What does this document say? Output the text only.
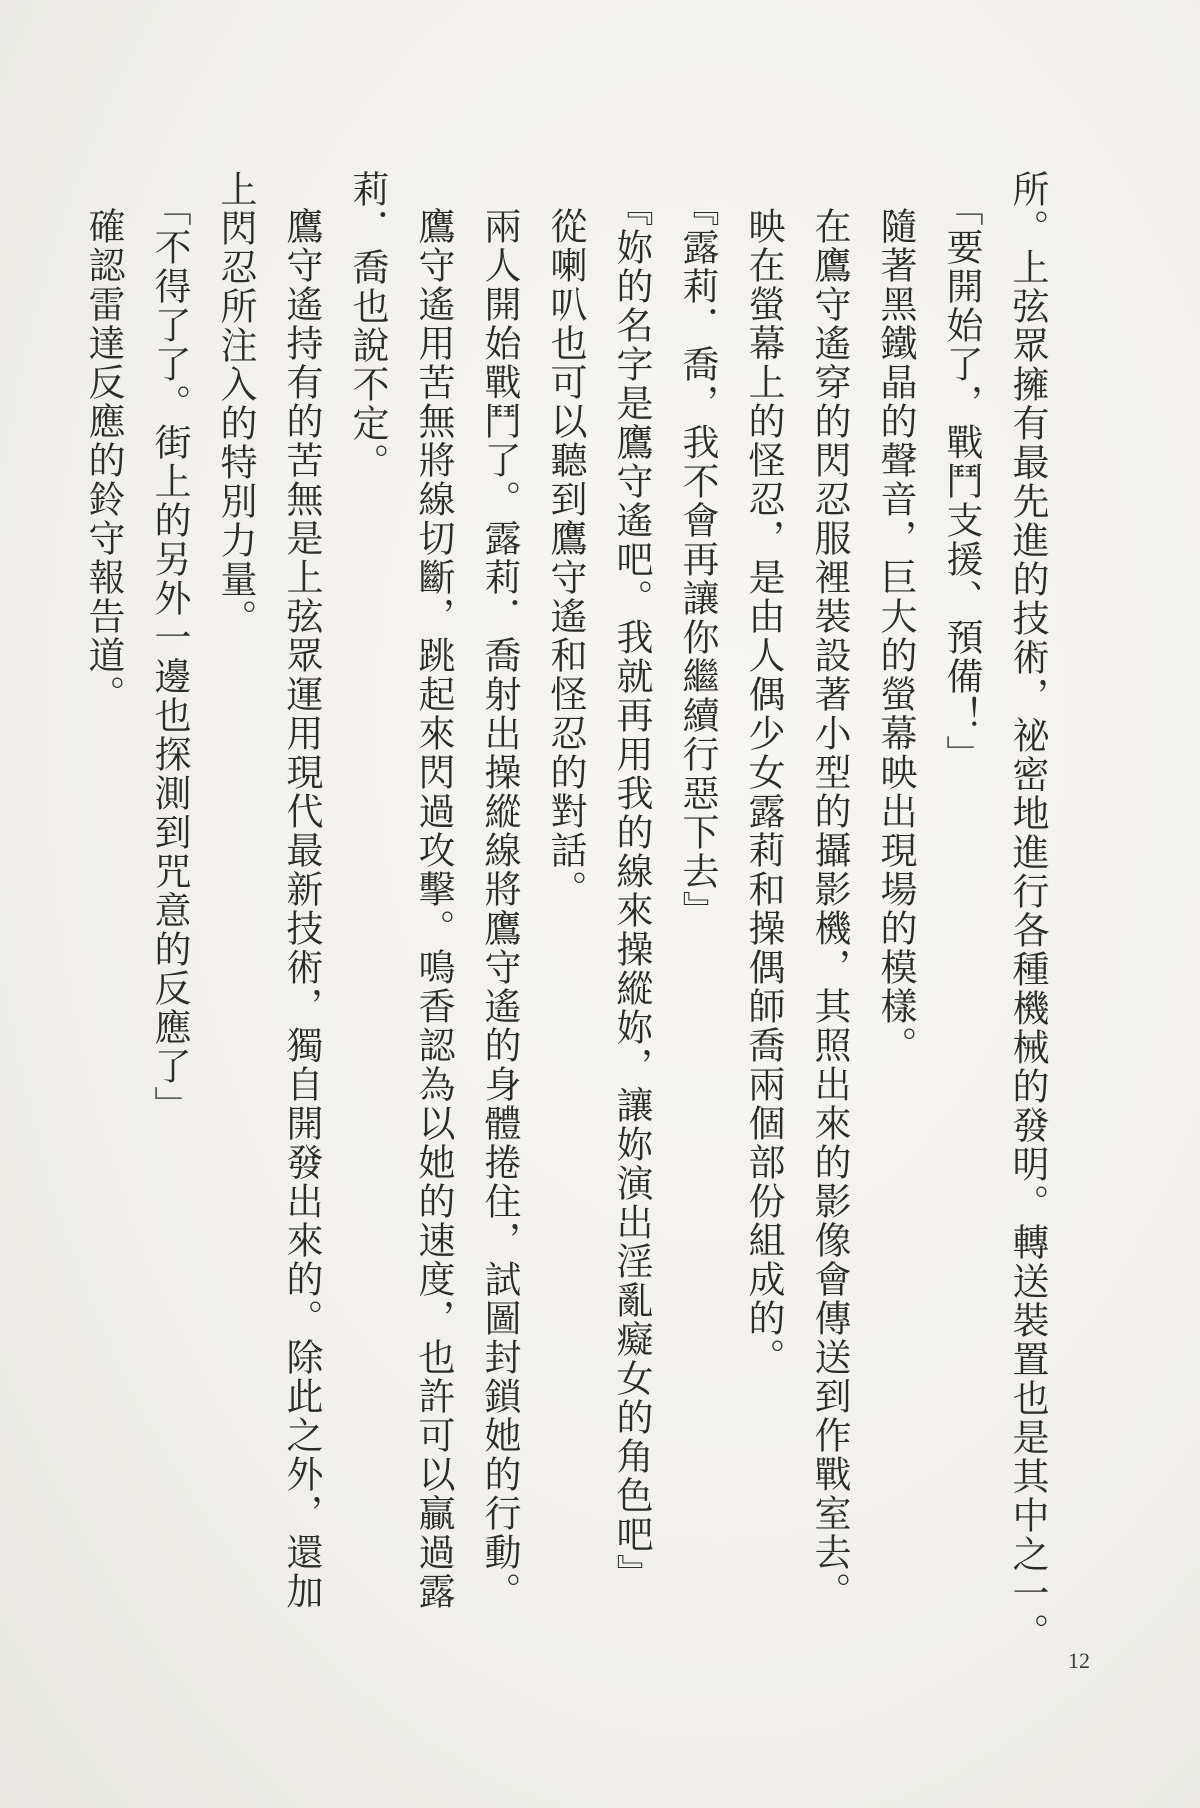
所。上弦眾擁有最先進的技術，祕密地進行各種機械的發明。轉送裝置也是其中之一。
「要開始了，戰鬥支援、預備！」
隨著黑鐵晶的聲音，巨大的螢幕映出現場的模樣。
在鷹守遙穿的閃忍服裡裝設著小型的攝影機，其照出來的影像會傳送到作戰室去。
映在螢幕上的怪忍，是由人偶少女露莉和操偶師喬兩個部份組成的。
『露莉．喬，我不會再讓你繼續行惡下去』
『妳的名字是鷹守遙吧。我就再用我的線來操縱妳，讓妳演出淫亂癡女的角色吧』
從喇叭也可以聽到鷹守遙和怪忍的對話。
兩人開始戰鬥了。露莉．喬射出操縱線將鷹守遙的身體捲住，試圖封鎖她的行動。
鷹守遙用苦無將線切斷，跳起來閃過攻擊。鳴香認為以她的速度，也許可以贏過露
莉．喬也說不定。
鷹守遙持有的苦無是上弦眾運用現代最新技術，獨自開發出來的。除此之外，還加
上閃忍所注入的特別力量。
「不得了了。街上的另外一邊也探測到咒意的反應了」
確認雷達反應的鈴守報告道。
12
